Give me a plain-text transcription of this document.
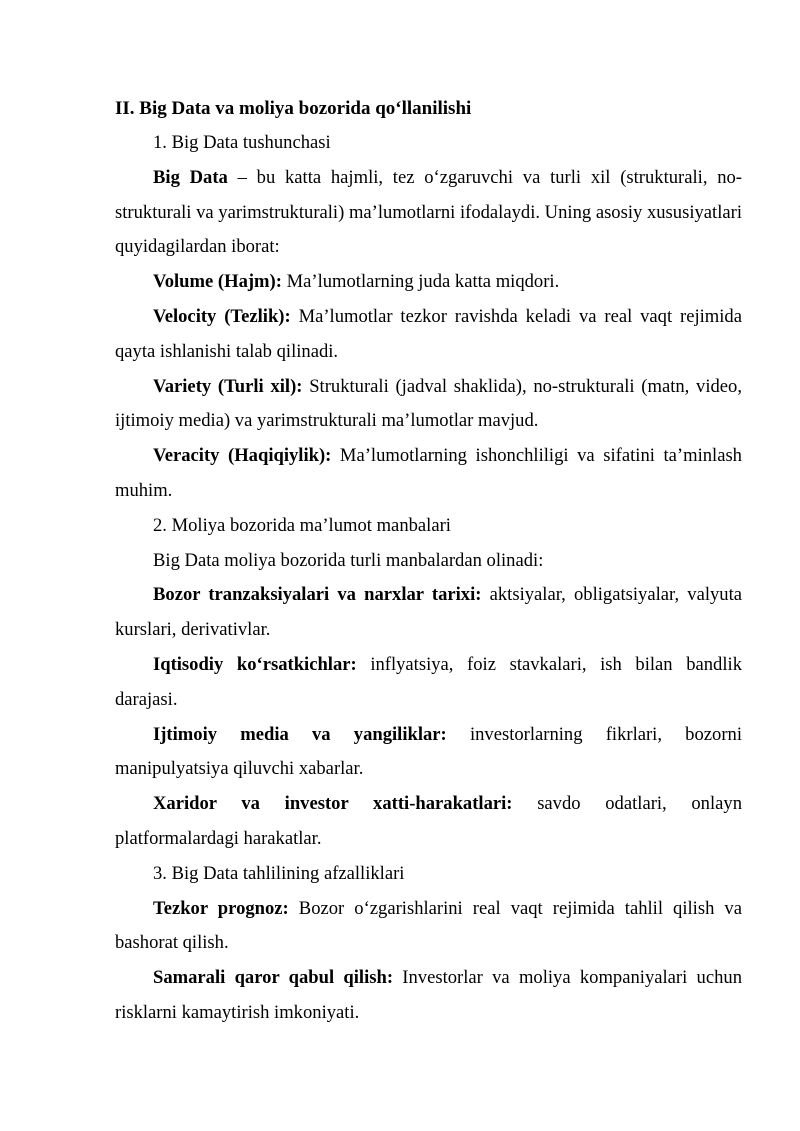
II. Big Data va moliya bozorida qo‘llanilishi

1. Big Data tushunchasi

Big Data – bu katta hajmli, tez o‘zgaruvchi va turli xil (strukturali, no-strukturali va yarimstrukturali) ma’lumotlarni ifodalaydi. Uning asosiy xususiyatlari quyidagilardan iborat:

Volume (Hajm): Ma’lumotlarning juda katta miqdori.

Velocity (Tezlik): Ma’lumotlar tezkor ravishda keladi va real vaqt rejimida qayta ishlanishi talab qilinadi.

Variety (Turli xil): Strukturali (jadval shaklida), no-strukturali (matn, video, ijtimoiy media) va yarimstrukturali ma’lumotlar mavjud.

Veracity (Haqiqiylik): Ma’lumotlarning ishonchliligi va sifatini ta’minlash muhim.

2. Moliya bozorida ma’lumot manbalari

Big Data moliya bozorida turli manbalardan olinadi:

Bozor tranzaksiyalari va narxlar tarixi: aktsiyalar, obligatsiyalar, valyuta kurslari, derivativlar.

Iqtisodiy ko‘rsatkichlar: inflyatsiya, foiz stavkalari, ish bilan bandlik darajasi.

Ijtimoiy media va yangiliklar: investorlarning fikrlari, bozorni manipulyatsiya qiluvchi xabarlar.

Xaridor va investor xatti-harakatlari: savdo odatlari, onlayn platformalardagi harakatlar.

3. Big Data tahlilining afzalliklari

Tezkor prognoz: Bozor o‘zgarishlarini real vaqt rejimida tahlil qilish va bashorat qilish.

Samarali qaror qabul qilish: Investorlar va moliya kompaniyalari uchun risklarni kamaytirish imkoniyati.
